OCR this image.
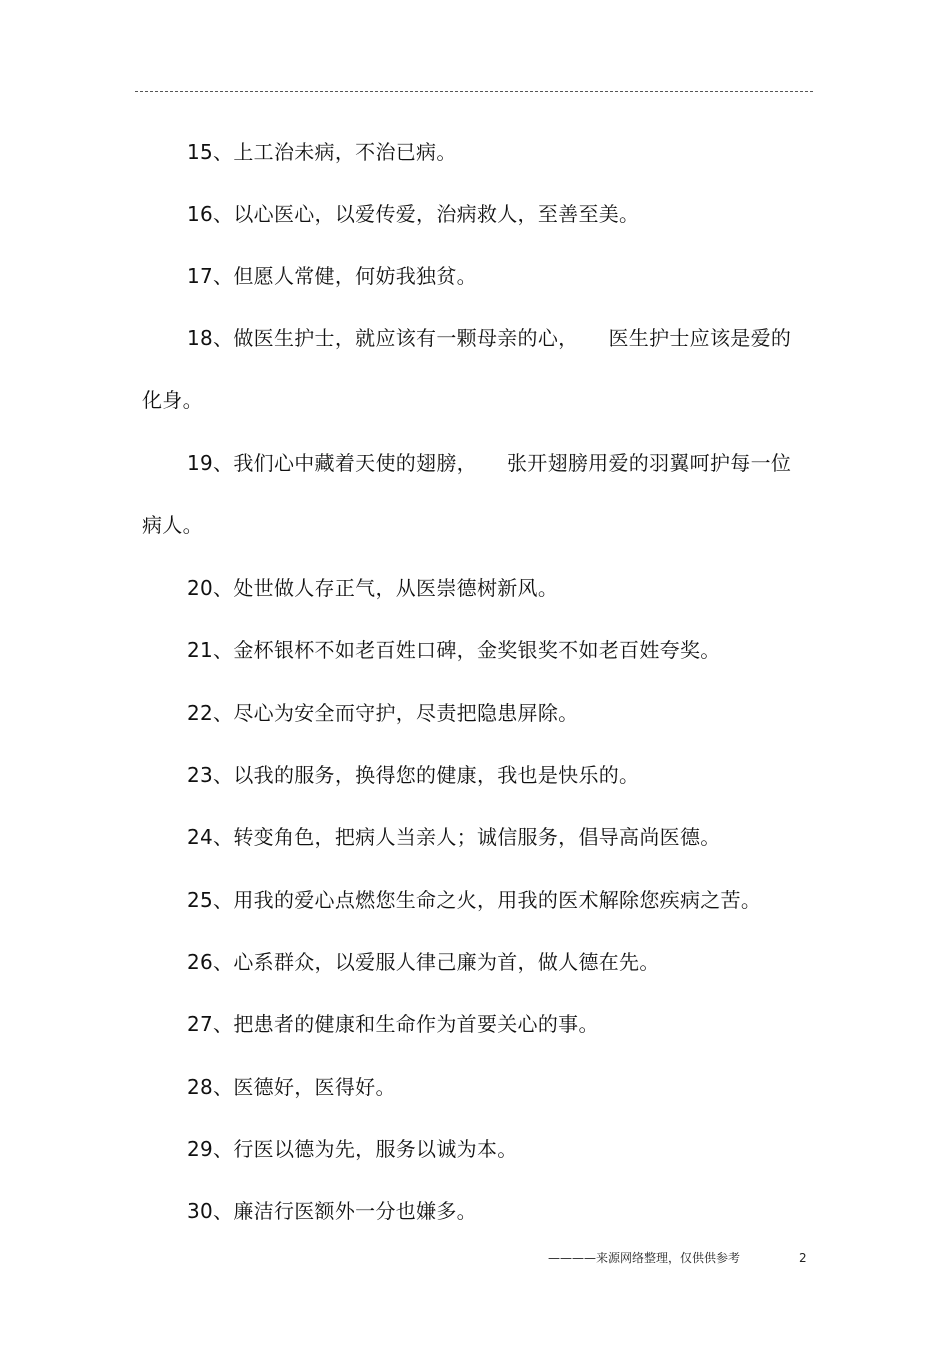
15、上工治未病，不治已病。
16、以心医心，以爱传爱，治病救人，至善至美。
17、但愿人常健，何妨我独贫。
18、做医生护士，就应该有一颗母亲的心， 医生护士应该是爱的
化身。
19、我们心中藏着天使的翅膀， 张开翅膀用爱的羽翼呵护每一位
病人。
20、处世做人存正气，从医崇德树新风。
21、金杯银杯不如老百姓口碑，金奖银奖不如老百姓夸奖。
22、尽心为安全而守护，尽责把隐患屏除。
23、以我的服务，换得您的健康，我也是快乐的。
24、转变角色，把病人当亲人；诚信服务，倡导高尚医德。
25、用我的爱心点燃您生命之火，用我的医术解除您疾病之苦。
26、心系群众，以爱服人律己廉为首，做人德在先。
27、把患者的健康和生命作为首要关心的事。
28、医德好，医得好。
29、行医以德为先，服务以诚为本。
30、廉洁行医额外一分也嫌多。
————来源网络整理，仅供供参考	2
